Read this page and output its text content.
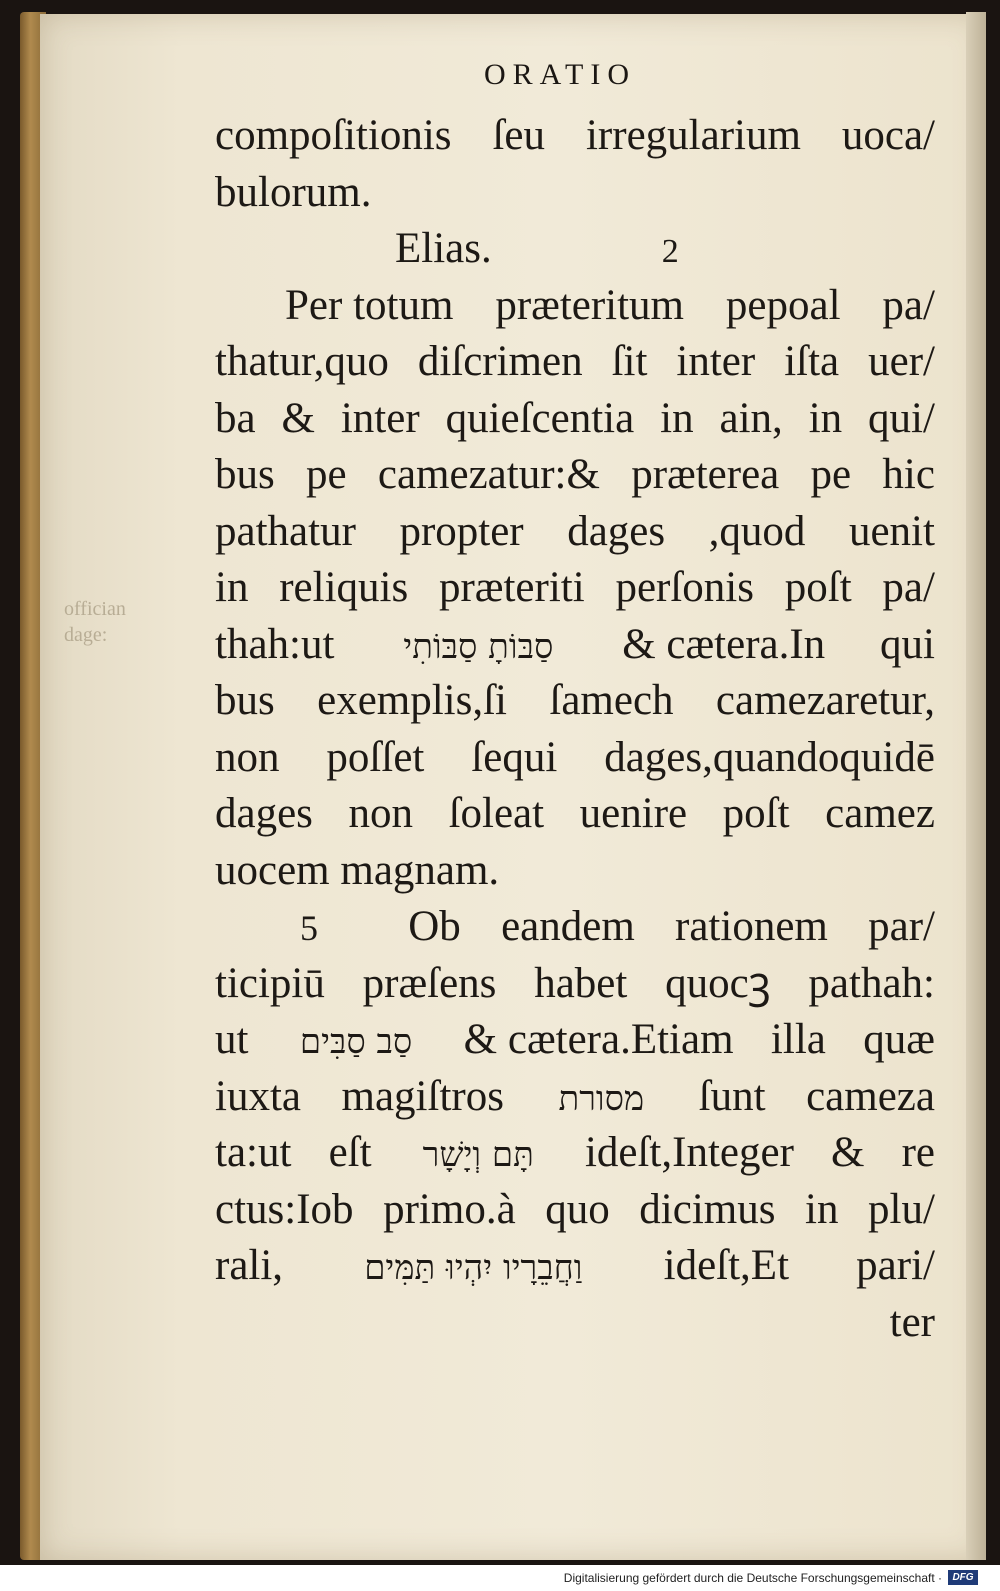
ORATIO
offician
dage:
compoſitionis ſeu irregularium uoca/
bulorum.
Elias.	2
Per totum præteritum pepoal pa/
thatur,quo diſcrimen ſit inter iſta uer/
ba & inter quieſcentia in ain, in qui/
bus pe camezatur:& præterea pe hic
pathatur propter dages ,quod uenit
in reliquis præteriti perſonis poſt pa/
thah:ut סַבּוֹתָ סַבּוֹתִי & cætera.In qui
bus exemplis,ſi ſamech camezaretur,
non poſſet ſequi dages,quandoquidē
dages non ſoleat uenire poſt camez
uocem magnam.
5 Ob eandem rationem par/
ticipiū præſens habet quocꝫ pathah:
ut סַב סַבִּים & cætera.Etiam illa quæ
iuxta magiſtros מסורת ſunt cameza
ta:ut eſt תָּם וְיָשָׁר ideſt,Integer & re
ctus:Iob primo.à quo dicimus in plu/
rali, וַחֲבֵרָיו יִהְיוּ תַּמִּים ideſt,Et pari/
ter
Digitalisierung gefördert durch die Deutsche Forschungsgemeinschaft ·	DFG
